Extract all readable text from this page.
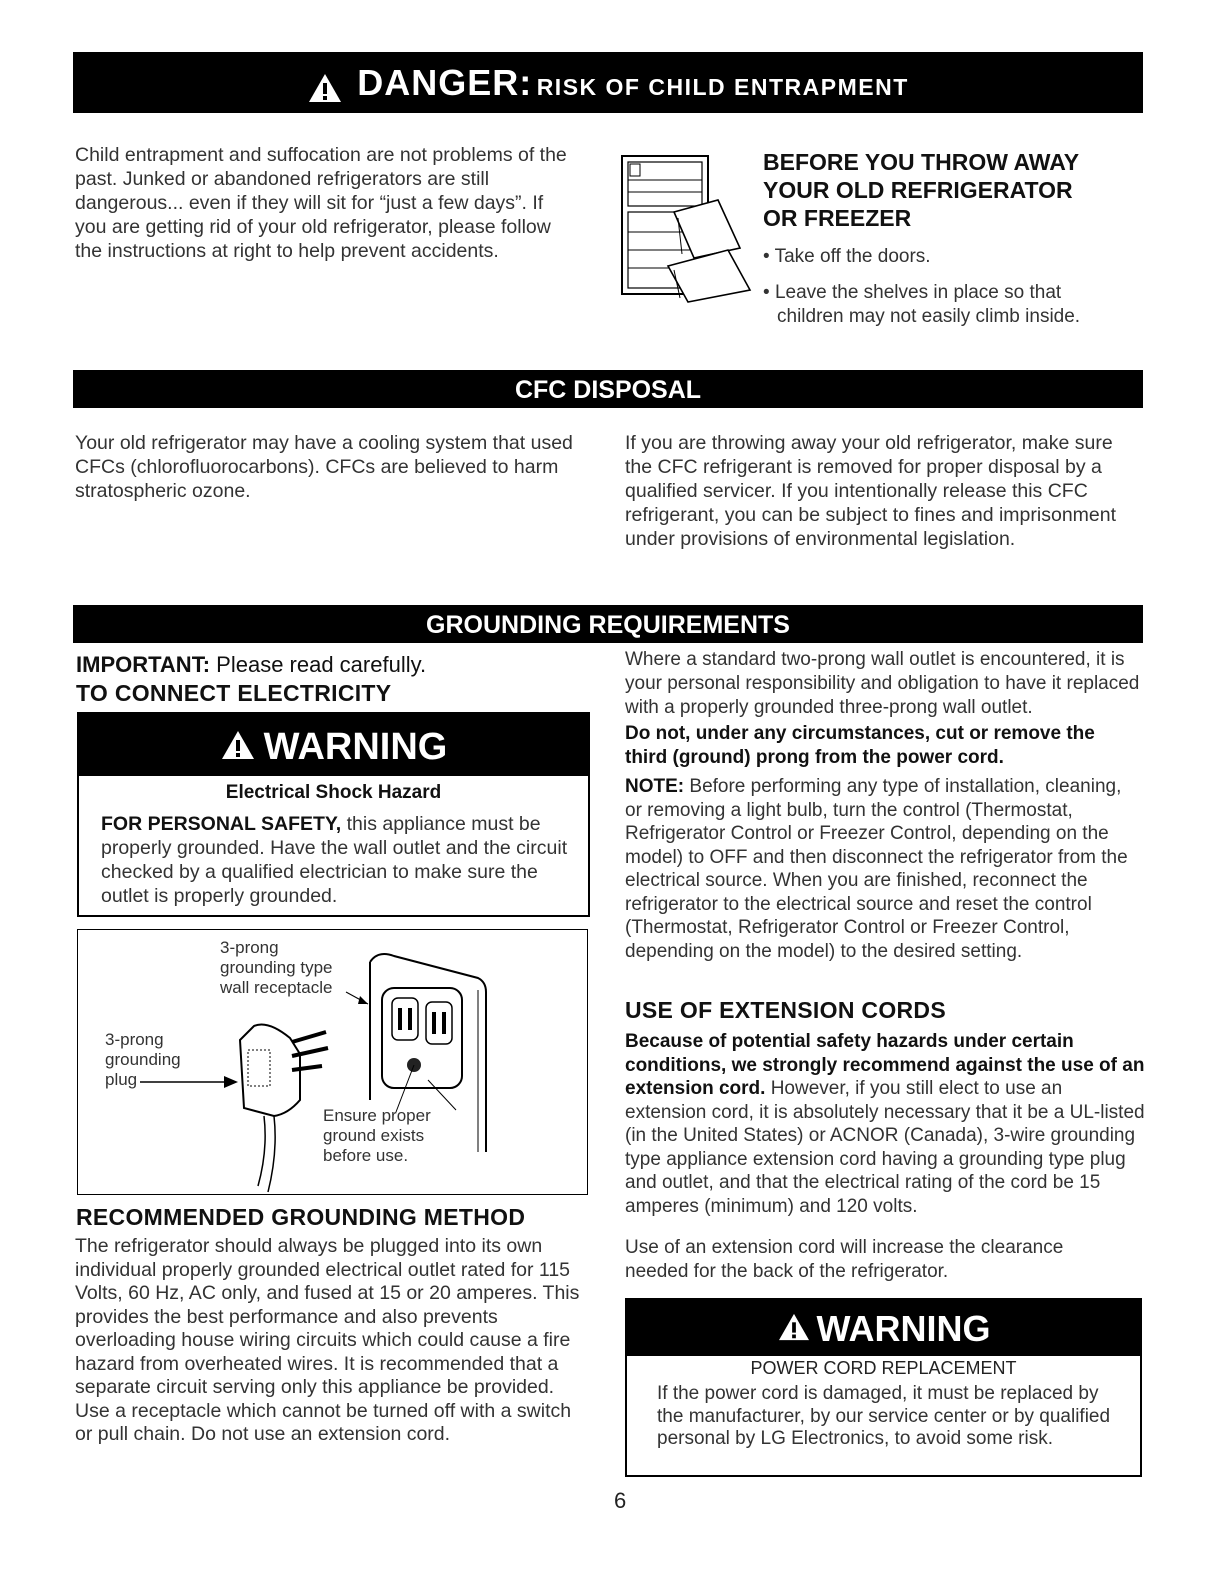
DANGER: RISK OF CHILD ENTRAPMENT

Child entrapment and suffocation are not problems of the past. Junked or abandoned refrigerators are still dangerous... even if they will sit for “just a few days”. If you are getting rid of your old refrigerator, please follow the instructions at right to help prevent accidents.

BEFORE YOU THROW AWAY
YOUR OLD REFRIGERATOR
OR FREEZER
• Take off the doors.
• Leave the shelves in place so that children may not easily climb inside.
CFC DISPOSAL

Your old refrigerator may have a cooling system that used CFCs (chlorofluorocarbons). CFCs are believed to harm stratospheric ozone.

If you are throwing away your old refrigerator, make sure the CFC refrigerant is removed for proper disposal by a qualified servicer. If you intentionally release this CFC refrigerant, you can be subject to fines and imprisonment under provisions of environmental legislation.

GROUNDING REQUIREMENTS
IMPORTANT: Please read carefully.
TO CONNECT ELECTRICITY
WARNING
Electrical Shock Hazard

FOR PERSONAL SAFETY, this appliance must be properly grounded. Have the wall outlet and the circuit checked by a qualified electrician to make sure the outlet is properly grounded.

3-prong
grounding type
wall receptacle
3-prong
grounding
plug
Ensure proper
ground exists
before use.
RECOMMENDED GROUNDING METHOD

The refrigerator should always be plugged into its own individual properly grounded electrical outlet rated for 115 Volts, 60 Hz, AC only, and fused at 15 or 20 amperes. This provides the best performance and also prevents overloading house wiring circuits which could cause a fire hazard from overheated wires. It is recommended that a separate circuit serving only this appliance be provided. Use a receptacle which cannot be turned off with a switch or pull chain. Do not use an extension cord.

Where a standard two-prong wall outlet is encountered, it is your personal responsibility and obligation to have it replaced with a properly grounded three-prong wall outlet.

Do not, under any circumstances, cut or remove the third (ground) prong from the power cord.

NOTE: Before performing any type of installation, cleaning, or removing a light bulb, turn the control (Thermostat, Refrigerator Control or Freezer Control, depending on the model) to OFF and then disconnect the refrigerator from the electrical source. When you are finished, reconnect the refrigerator to the electrical source and reset the control (Thermostat, Refrigerator Control or Freezer Control, depending on the model) to the desired setting.

USE OF EXTENSION CORDS

Because of potential safety hazards under certain conditions, we strongly recommend against the use of an extension cord. However, if you still elect to use an extension cord, it is absolutely necessary that it be a UL-listed (in the United States) or ACNOR (Canada), 3-wire grounding type appliance extension cord having a grounding type plug and outlet, and that the electrical rating of the cord be 15 amperes (minimum) and 120 volts.

Use of an extension cord will increase the clearance needed for the back of the refrigerator.

WARNING
POWER CORD REPLACEMENT

If the power cord is damaged, it must be replaced by the manufacturer, by our service center or by qualified personal by LG Electronics, to avoid some risk.

6
